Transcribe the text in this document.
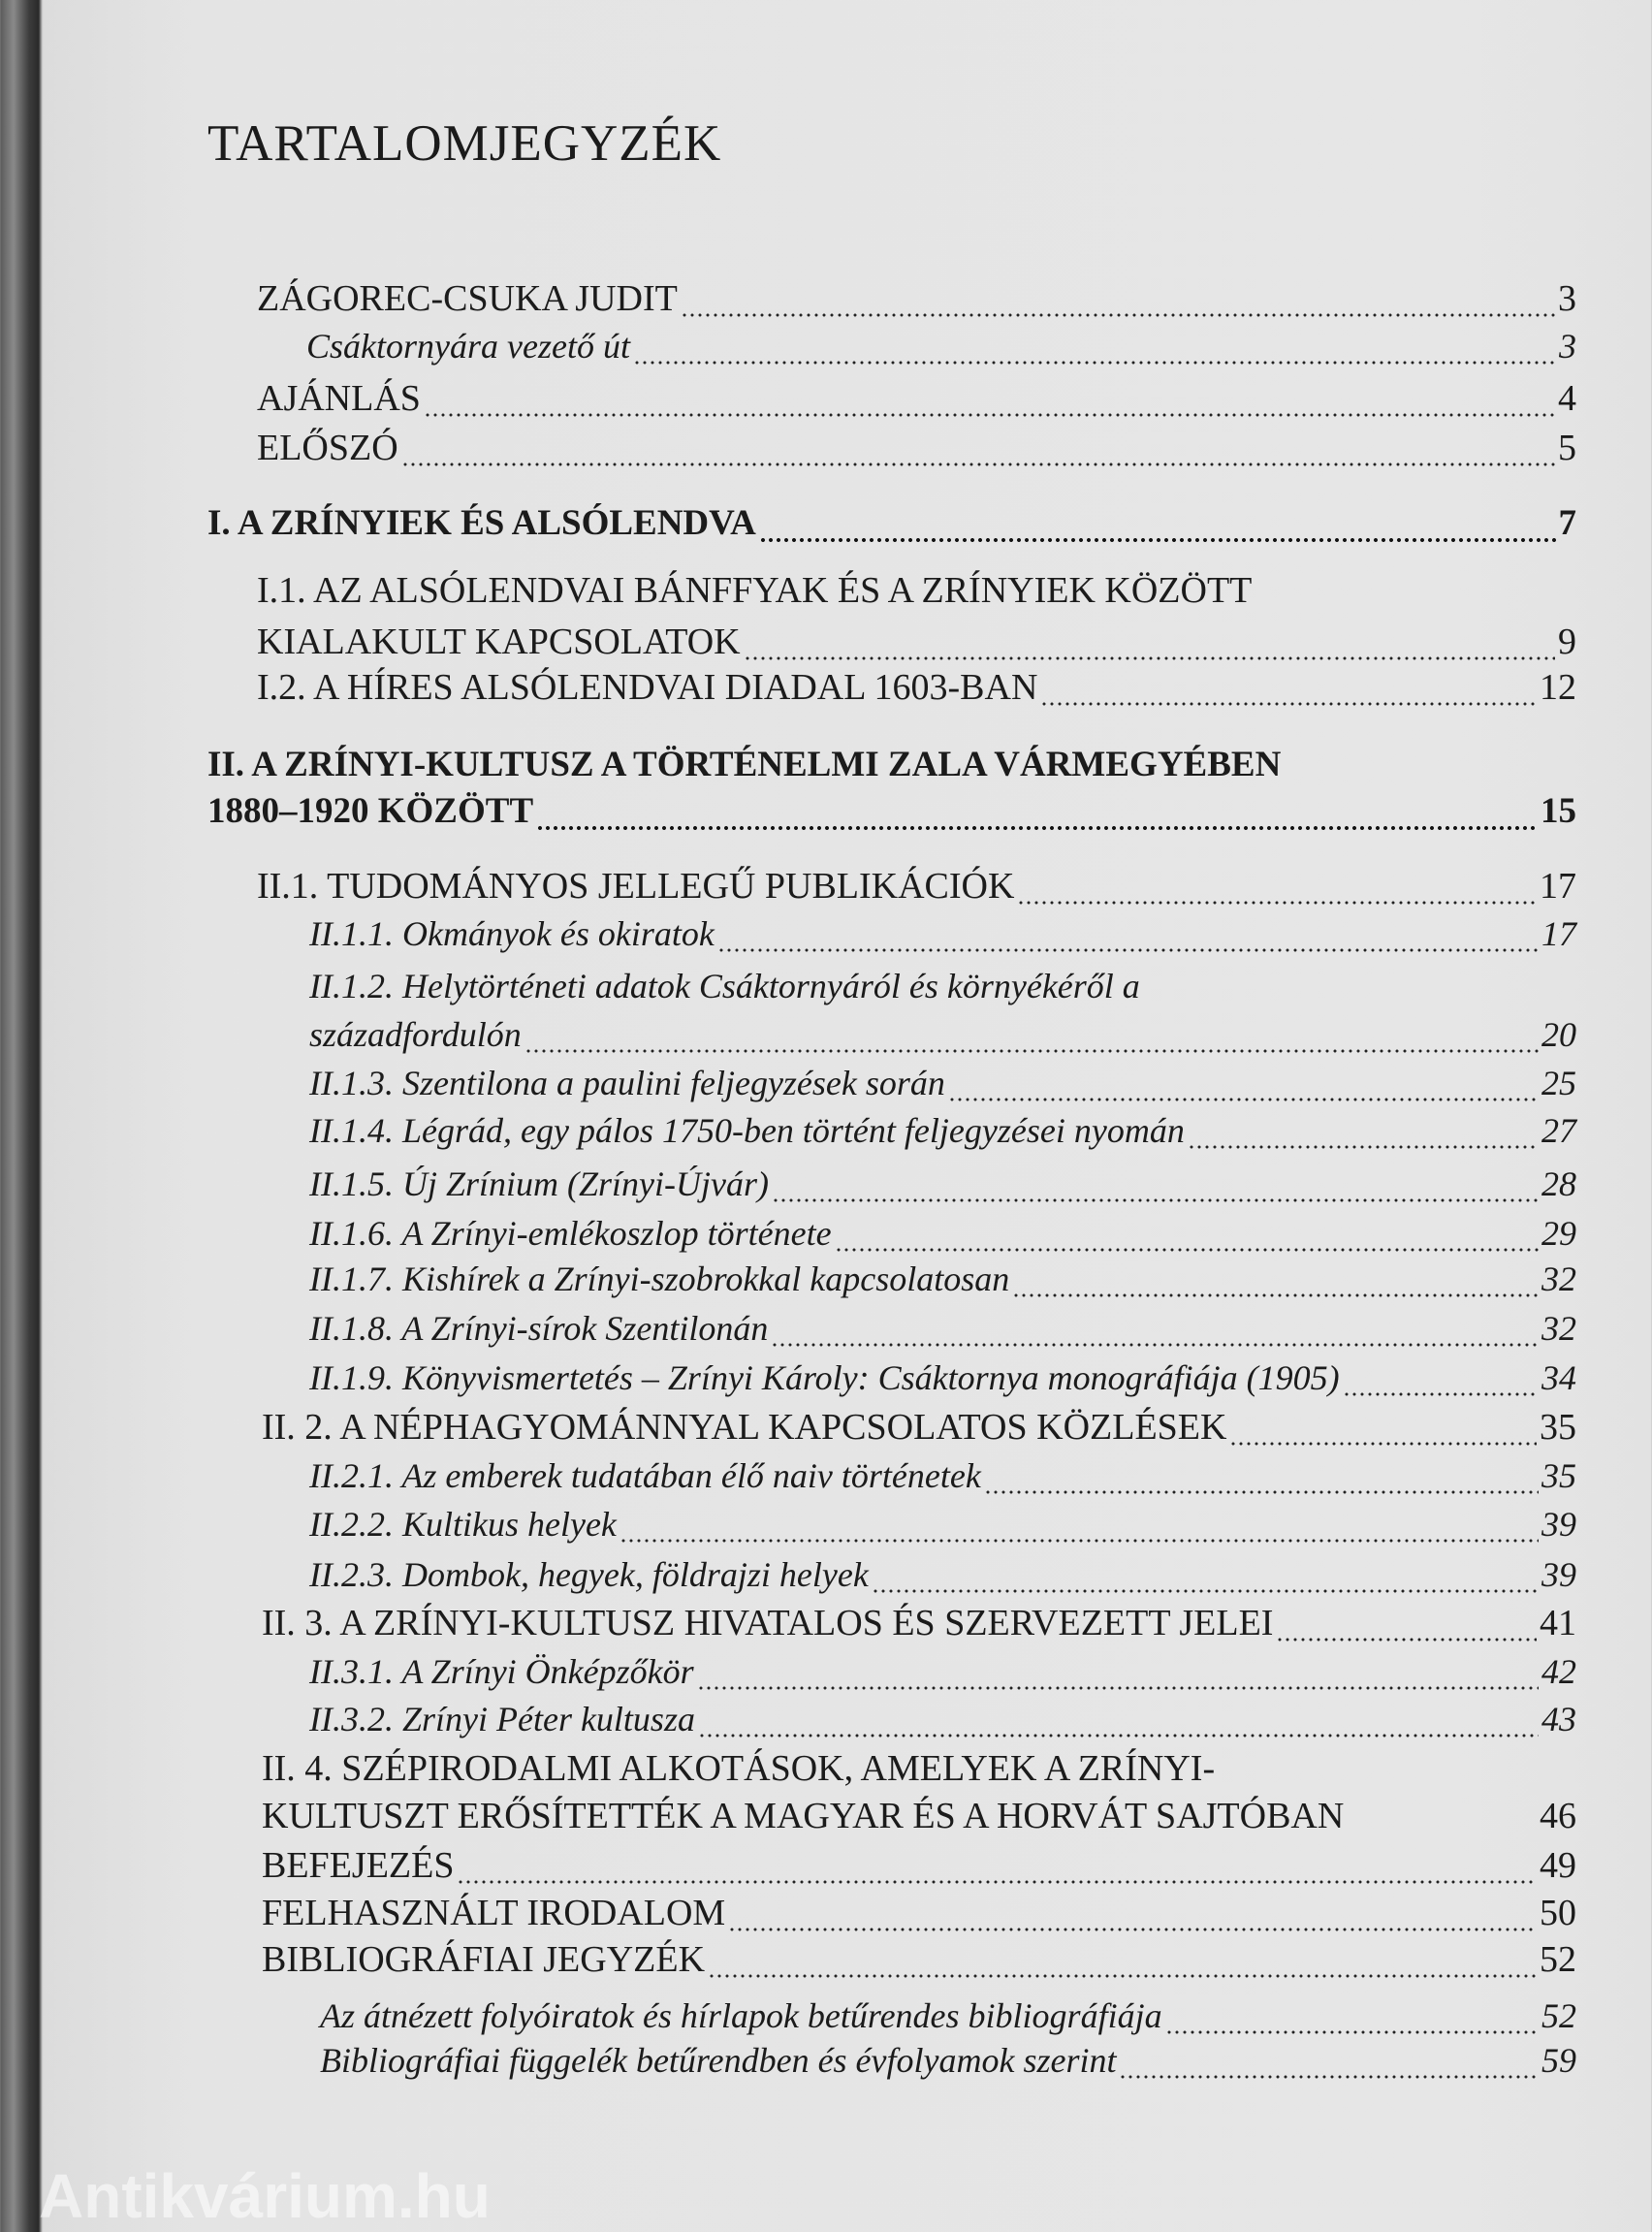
TARTALOMJEGYZÉK
ZÁGOREC-CSUKA JUDIT	3
Csáktornyára vezető út	3
AJÁNLÁS	4
ELŐSZÓ	5
I. A ZRÍNYIEK ÉS ALSÓLENDVA	7
I.1. AZ ALSÓLENDVAI BÁNFFYAK ÉS A ZRÍNYIEK KÖZÖTT
KIALAKULT KAPCSOLATOK	9
I.2. A HÍRES ALSÓLENDVAI DIADAL 1603-BAN	12
II. A ZRÍNYI-KULTUSZ A TÖRTÉNELMI ZALA VÁRMEGYÉBEN
1880–1920 KÖZÖTT	15
II.1. TUDOMÁNYOS JELLEGŰ PUBLIKÁCIÓK	17
II.1.1. Okmányok és okiratok	17
II.1.2. Helytörténeti adatok Csáktornyáról és környékéről a
századfordulón	20
II.1.3. Szentilona a paulini feljegyzések során	25
II.1.4. Légrád, egy pálos 1750-ben történt feljegyzései nyomán	27
II.1.5. Új Zrínium (Zrínyi-Újvár)	28
II.1.6. A Zrínyi-emlékoszlop története	29
II.1.7. Kishírek a Zrínyi-szobrokkal kapcsolatosan	32
II.1.8. A Zrínyi-sírok Szentilonán	32
II.1.9. Könyvismertetés – Zrínyi Károly: Csáktornya monográfiája (1905)	34
II. 2. A NÉPHAGYOMÁNNYAL KAPCSOLATOS KÖZLÉSEK	35
II.2.1. Az emberek tudatában élő naiv történetek	35
II.2.2. Kultikus helyek	39
II.2.3. Dombok, hegyek, földrajzi helyek	39
II. 3. A ZRÍNYI-KULTUSZ HIVATALOS ÉS SZERVEZETT JELEI	41
II.3.1. A Zrínyi Önképzőkör	42
II.3.2. Zrínyi Péter kultusza	43
II. 4. SZÉPIRODALMI ALKOTÁSOK, AMELYEK A ZRÍNYI-
KULTUSZT ERŐSÍTETTÉK A MAGYAR ÉS A HORVÁT SAJTÓBAN	46
BEFEJEZÉS	49
FELHASZNÁLT IRODALOM	50
BIBLIOGRÁFIAI JEGYZÉK	52
Az átnézett folyóiratok és hírlapok betűrendes bibliográfiája	52
Bibliográfiai függelék betűrendben és évfolyamok szerint	59
Antikvárium.hu
